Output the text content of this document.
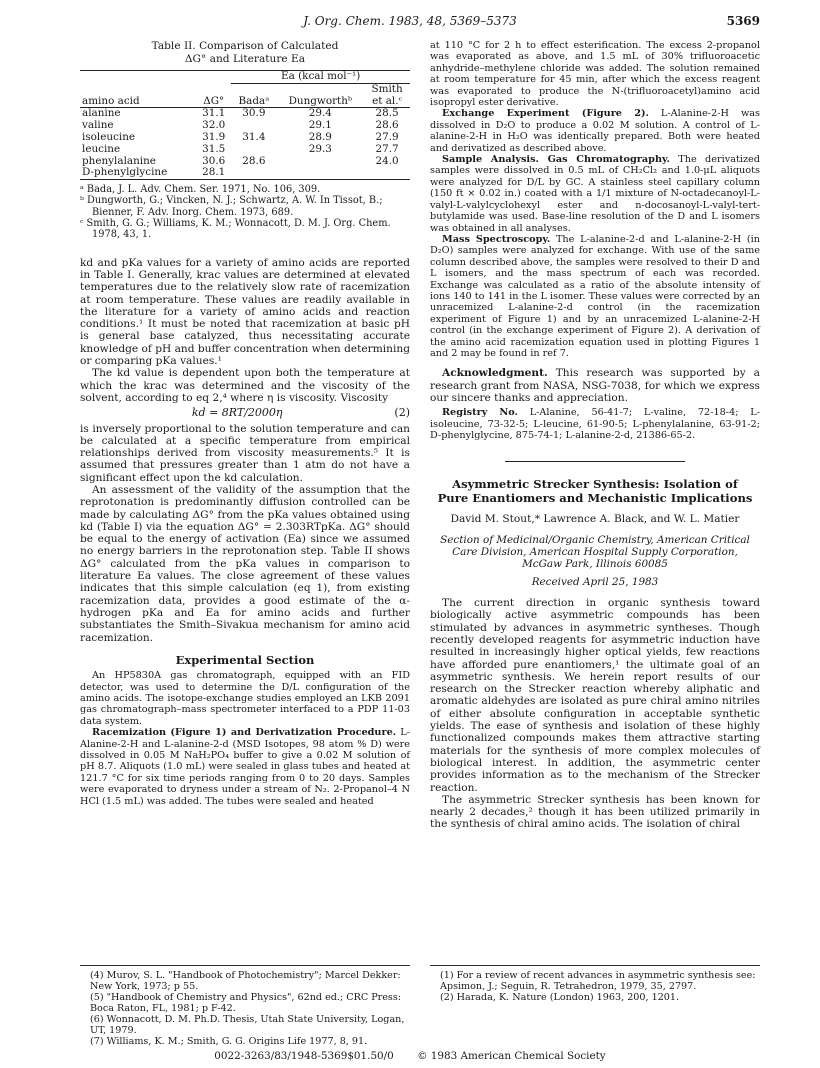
J. Org. Chem. 1983, 48, 5369–5373	5369
Table II. Comparison of Calculated
ΔG° and Literature Ea
		Ea (kcal mol⁻¹)		
				Smith
amino acid	ΔG°	Badaᵃ	Dungworthᵇ	et al.ᶜ
alanine	31.1	30.9	29.4	28.5
valine	32.0		29.1	28.6
isoleucine	31.9	31.4	28.9	27.9
leucine	31.5		29.3	27.7
phenylalanine	30.6	28.6		24.0
D-phenylglycine	28.1			

ᵃ Bada, J. L. Adv. Chem. Ser. 1971, No. 106, 309.

ᵇ Dungworth, G.; Vincken, N. J.; Schwartz, A. W. In Tissot, B.; Bienner, F. Adv. Inorg. Chem. 1973, 689.

ᶜ Smith, G. G.; Williams, K. M.; Wonnacott, D. M. J. Org. Chem. 1978, 43, 1.

kd and pKa values for a variety of amino acids are reported in Table I. Generally, krac values are determined at elevated temperatures due to the relatively slow rate of racemization at room temperature. These values are readily available in the literature for a variety of amino acids and reaction conditions.¹ It must be noted that racemization at basic pH is general base catalyzed, thus necessitating accurate knowledge of pH and buffer concentration when determining or comparing pKa values.¹

The kd value is dependent upon both the temperature at which the krac was determined and the viscosity of the solvent, according to eq 2,⁴ where η is viscosity. Viscosity

kd = 8RT/2000η	(2)

is inversely proportional to the solution temperature and can be calculated at a specific temperature from empirical relationships derived from viscosity measurements.⁵ It is assumed that pressures greater than 1 atm do not have a significant effect upon the kd calculation.

An assessment of the validity of the assumption that the reprotonation is predominantly diffusion controlled can be made by calculating ΔG° from the pKa values obtained using kd (Table I) via the equation ΔG° = 2.303RTpKa. ΔG° should be equal to the energy of activation (Ea) since we assumed no energy barriers in the reprotonation step. Table II shows ΔG° calculated from the pKa values in comparison to literature Ea values. The close agreement of these values indicates that this simple calculation (eq 1), from existing racemization data, provides a good estimate of the α-hydrogen pKa and Ea for amino acids and further substantiates the Smith–Sivakua mechanism for amino acid racemization.

Experimental Section

An HP5830A gas chromatograph, equipped with an FID detector, was used to determine the D/L configuration of the amino acids. The isotope-exchange studies employed an LKB 2091 gas chromatograph–mass spectrometer interfaced to a PDP 11-03 data system.

Racemization (Figure 1) and Derivatization Procedure. L-Alanine-2-H and L-alanine-2-d (MSD Isotopes, 98 atom % D) were dissolved in 0.05 M NaH₂PO₄ buffer to give a 0.02 M solution of pH 8.7. Aliquots (1.0 mL) were sealed in glass tubes and heated at 121.7 °C for six time periods ranging from 0 to 20 days. Samples were evaporated to dryness under a stream of N₂. 2-Propanol–4 N HCl (1.5 mL) was added. The tubes were sealed and heated

at 110 °C for 2 h to effect esterification. The excess 2-propanol was evaporated as above, and 1.5 mL of 30% trifluoroacetic anhydride–methylene chloride was added. The solution remained at room temperature for 45 min, after which the excess reagent was evaporated to produce the N-(trifluoroacetyl)amino acid isopropyl ester derivative.

Exchange Experiment (Figure 2). L-Alanine-2-H was dissolved in D₂O to produce a 0.02 M solution. A control of L-alanine-2-H in H₂O was identically prepared. Both were heated and derivatized as described above.

Sample Analysis. Gas Chromatography. The derivatized samples were dissolved in 0.5 mL of CH₂Cl₂ and 1.0-μL aliquots were analyzed for D/L by GC. A stainless steel capillary column (150 ft × 0.02 in.) coated with a 1/1 mixture of N-octadecanoyl-L-valyl-L-valylcyclohexyl ester and n-docosanoyl-L-valyl-tert-butylamide was used. Base-line resolution of the D and L isomers was obtained in all analyses.

Mass Spectroscopy. The L-alanine-2-d and L-alanine-2-H (in D₂O) samples were analyzed for exchange. With use of the same column described above, the samples were resolved to their D and L isomers, and the mass spectrum of each was recorded. Exchange was calculated as a ratio of the absolute intensity of ions 140 to 141 in the L isomer. These values were corrected by an unracemized L-alanine-2-d control (in the racemization experiment of Figure 1) and by an unracemized L-alanine-2-H control (in the exchange experiment of Figure 2). A derivation of the amino acid racemization equation used in plotting Figures 1 and 2 may be found in ref 7.

Acknowledgment. This research was supported by a research grant from NASA, NSG-7038, for which we express our sincere thanks and appreciation.

Registry No. L-Alanine, 56-41-7; L-valine, 72-18-4; L-isoleucine, 73-32-5; L-leucine, 61-90-5; L-phenylalanine, 63-91-2; D-phenylglycine, 875-74-1; L-alanine-2-d, 21386-65-2.

Asymmetric Strecker Synthesis: Isolation of
Pure Enantiomers and Mechanistic Implications
David M. Stout,* Lawrence A. Black, and W. L. Matier
Section of Medicinal/Organic Chemistry, American Critical
Care Division, American Hospital Supply Corporation,
McGaw Park, Illinois 60085
Received April 25, 1983

The current direction in organic synthesis toward biologically active asymmetric compounds has been stimulated by advances in asymmetric syntheses. Though recently developed reagents for asymmetric induction have resulted in increasingly higher optical yields, few reactions have afforded pure enantiomers,¹ the ultimate goal of an asymmetric synthesis. We herein report results of our research on the Strecker reaction whereby aliphatic and aromatic aldehydes are isolated as pure chiral amino nitriles of either absolute configuration in acceptable synthetic yields. The ease of synthesis and isolation of these highly functionalized compounds makes them attractive starting materials for the synthesis of more complex molecules of biological interest. In addition, the asymmetric center provides information as to the mechanism of the Strecker reaction.

The asymmetric Strecker synthesis has been known for nearly 2 decades,² though it has been utilized primarily in the synthesis of chiral amino acids. The isolation of chiral

(4) Murov, S. L. "Handbook of Photochemistry"; Marcel Dekker: New York, 1973; p 55.

(5) "Handbook of Chemistry and Physics", 62nd ed.; CRC Press: Boca Raton, FL, 1981; p F-42.

(6) Wonnacott, D. M. Ph.D. Thesis, Utah State University, Logan, UT, 1979.

(7) Williams, K. M.; Smith, G. G. Origins Life 1977, 8, 91.

(1) For a review of recent advances in asymmetric synthesis see: Apsimon, J.; Seguin, R. Tetrahedron, 1979, 35, 2797.

(2) Harada, K. Nature (London) 1963, 200, 1201.

0022-3263/83/1948-5369$01.50/0 © 1983 American Chemical Society
